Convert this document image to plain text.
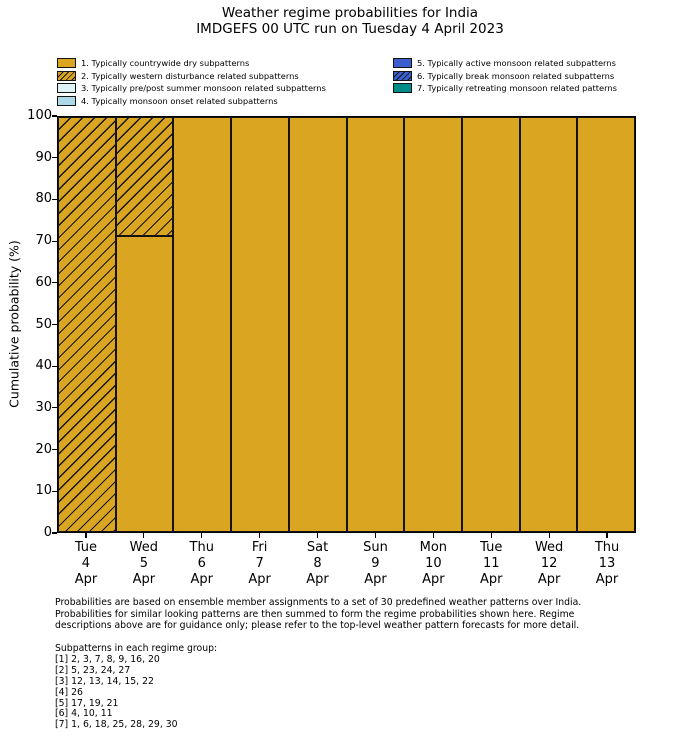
Weather regime probabilities for India
IMDGEFS 00 UTC run on Tuesday 4 April 2023
1. Typically countrywide dry subpatterns
2. Typically western disturbance related subpatterns
3. Typically pre/post summer monsoon related subpatterns
4. Typically monsoon onset related subpatterns
5. Typically active monsoon related subpatterns
6. Typically break monsoon related subpatterns
7. Typically retreating monsoon related patterns
Cumulative probability (%)
0
10
20
30
40
50
60
70
80
90
100
Tue
4
Apr
Wed
5
Apr
Thu
6
Apr
Fri
7
Apr
Sat
8
Apr
Sun
9
Apr
Mon
10
Apr
Tue
11
Apr
Wed
12
Apr
Thu
13
Apr
Probabilities are based on ensemble member assignments to a set of 30 predefined weather patterns over India.
Probabilities for similar looking patterns are then summed to form the regime probabilities shown here. Regime
descriptions above are for guidance only; please refer to the top-level weather pattern forecasts for more detail.
Subpatterns in each regime group:
[1] 2, 3, 7, 8, 9, 16, 20
[2] 5, 23, 24, 27
[3] 12, 13, 14, 15, 22
[4] 26
[5] 17, 19, 21
[6] 4, 10, 11
[7] 1, 6, 18, 25, 28, 29, 30
